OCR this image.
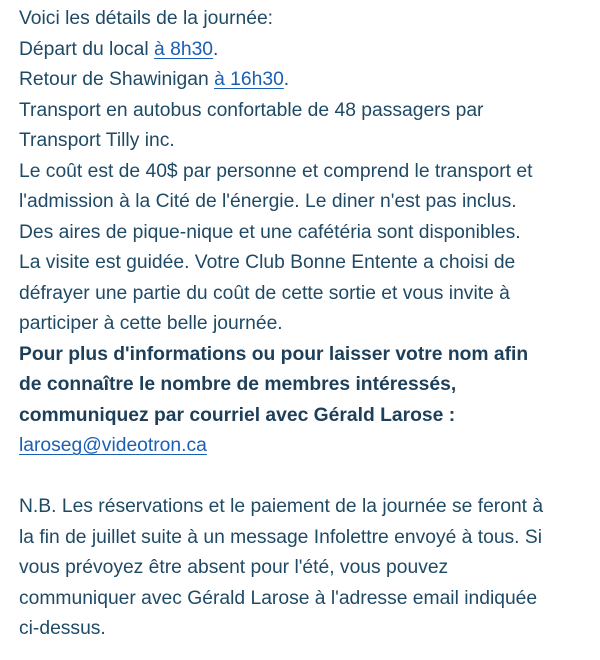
Voici les détails de la journée:
Départ du local à 8h30.
Retour de Shawinigan à 16h30.
Transport en autobus confortable de 48 passagers par
Transport Tilly inc.
Le coût est de 40$ par personne et comprend le transport et
l'admission à la Cité de l'énergie. Le diner n'est pas inclus.
Des aires de pique-nique et une cafétéria sont disponibles.
La visite est guidée. Votre Club Bonne Entente a choisi de
défrayer une partie du coût de cette sortie et vous invite à
participer à cette belle journée.
Pour plus d'informations ou pour laisser votre nom afin
de connaître le nombre de membres intéressés,
communiquez par courriel avec Gérald Larose :
laroseg@videotron.ca
N.B. Les réservations et le paiement de la journée se feront à
la fin de juillet suite à un message Infolettre envoyé à tous. Si
vous prévoyez être absent pour l'été, vous pouvez
communiquer avec Gérald Larose à l'adresse email indiquée
ci-dessus.
